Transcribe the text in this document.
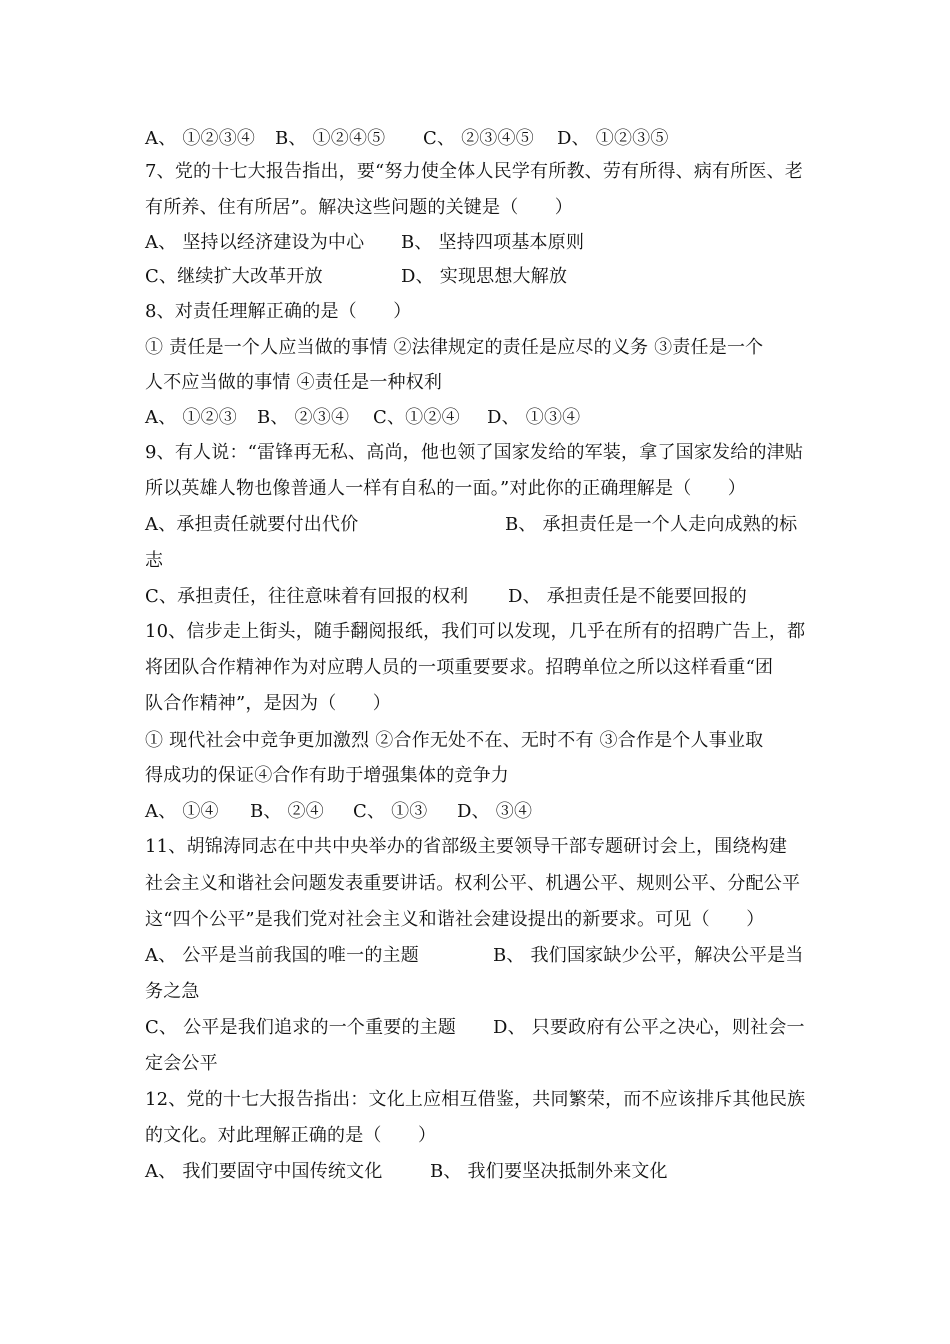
A、 ①②③④ B、 ①②④⑤ C、 ②③④⑤ D、 ①②③⑤
7、党的十七大报告指出，要“努力使全体人民学有所教、劳有所得、病有所医、老
有所养、住有所居”。解决这些问题的关键是（　　）
A、 坚持以经济建设为中心 B、 坚持四项基本原则
C、继续扩大改革开放	D、 实现思想大解放
8、对责任理解正确的是（　　）
① 责任是一个人应当做的事情 ②法律规定的责任是应尽的义务 ③责任是一个
人不应当做的事情 ④责任是一种权利
A、 ①②③ B、 ②③④ C、①②④ D、 ①③④
9、有人说：“雷锋再无私、高尚，他也领了国家发给的军装，拿了国家发给的津贴
所以英雄人物也像普通人一样有自私的一面。”对此你的正确理解是（　　）
A、承担责任就要付出代价	B、 承担责任是一个人走向成熟的标
志
C、承担责任，往往意味着有回报的权利 D、 承担责任是不能要回报的
10、信步走上街头，随手翻阅报纸，我们可以发现，几乎在所有的招聘广告上，都
将团队合作精神作为对应聘人员的一项重要要求。招聘单位之所以这样看重“团
队合作精神”，是因为（　　）
① 现代社会中竞争更加激烈 ②合作无处不在、无时不有 ③合作是个人事业取
得成功的保证④合作有助于增强集体的竞争力
A、 ①④ B、 ②④ C、 ①③ D、 ③④
11、胡锦涛同志在中共中央举办的省部级主要领导干部专题研讨会上，围绕构建
社会主义和谐社会问题发表重要讲话。权利公平、机遇公平、规则公平、分配公平
这“四个公平”是我们党对社会主义和谐社会建设提出的新要求。可见（　　）
A、 公平是当前我国的唯一的主题	B、 我们国家缺少公平，解决公平是当
务之急
C、 公平是我们追求的一个重要的主题 D、 只要政府有公平之决心，则社会一
定会公平
12、党的十七大报告指出：文化上应相互借鉴，共同繁荣，而不应该排斥其他民族
的文化。对此理解正确的是（　　）
A、 我们要固守中国传统文化	B、 我们要坚决抵制外来文化
